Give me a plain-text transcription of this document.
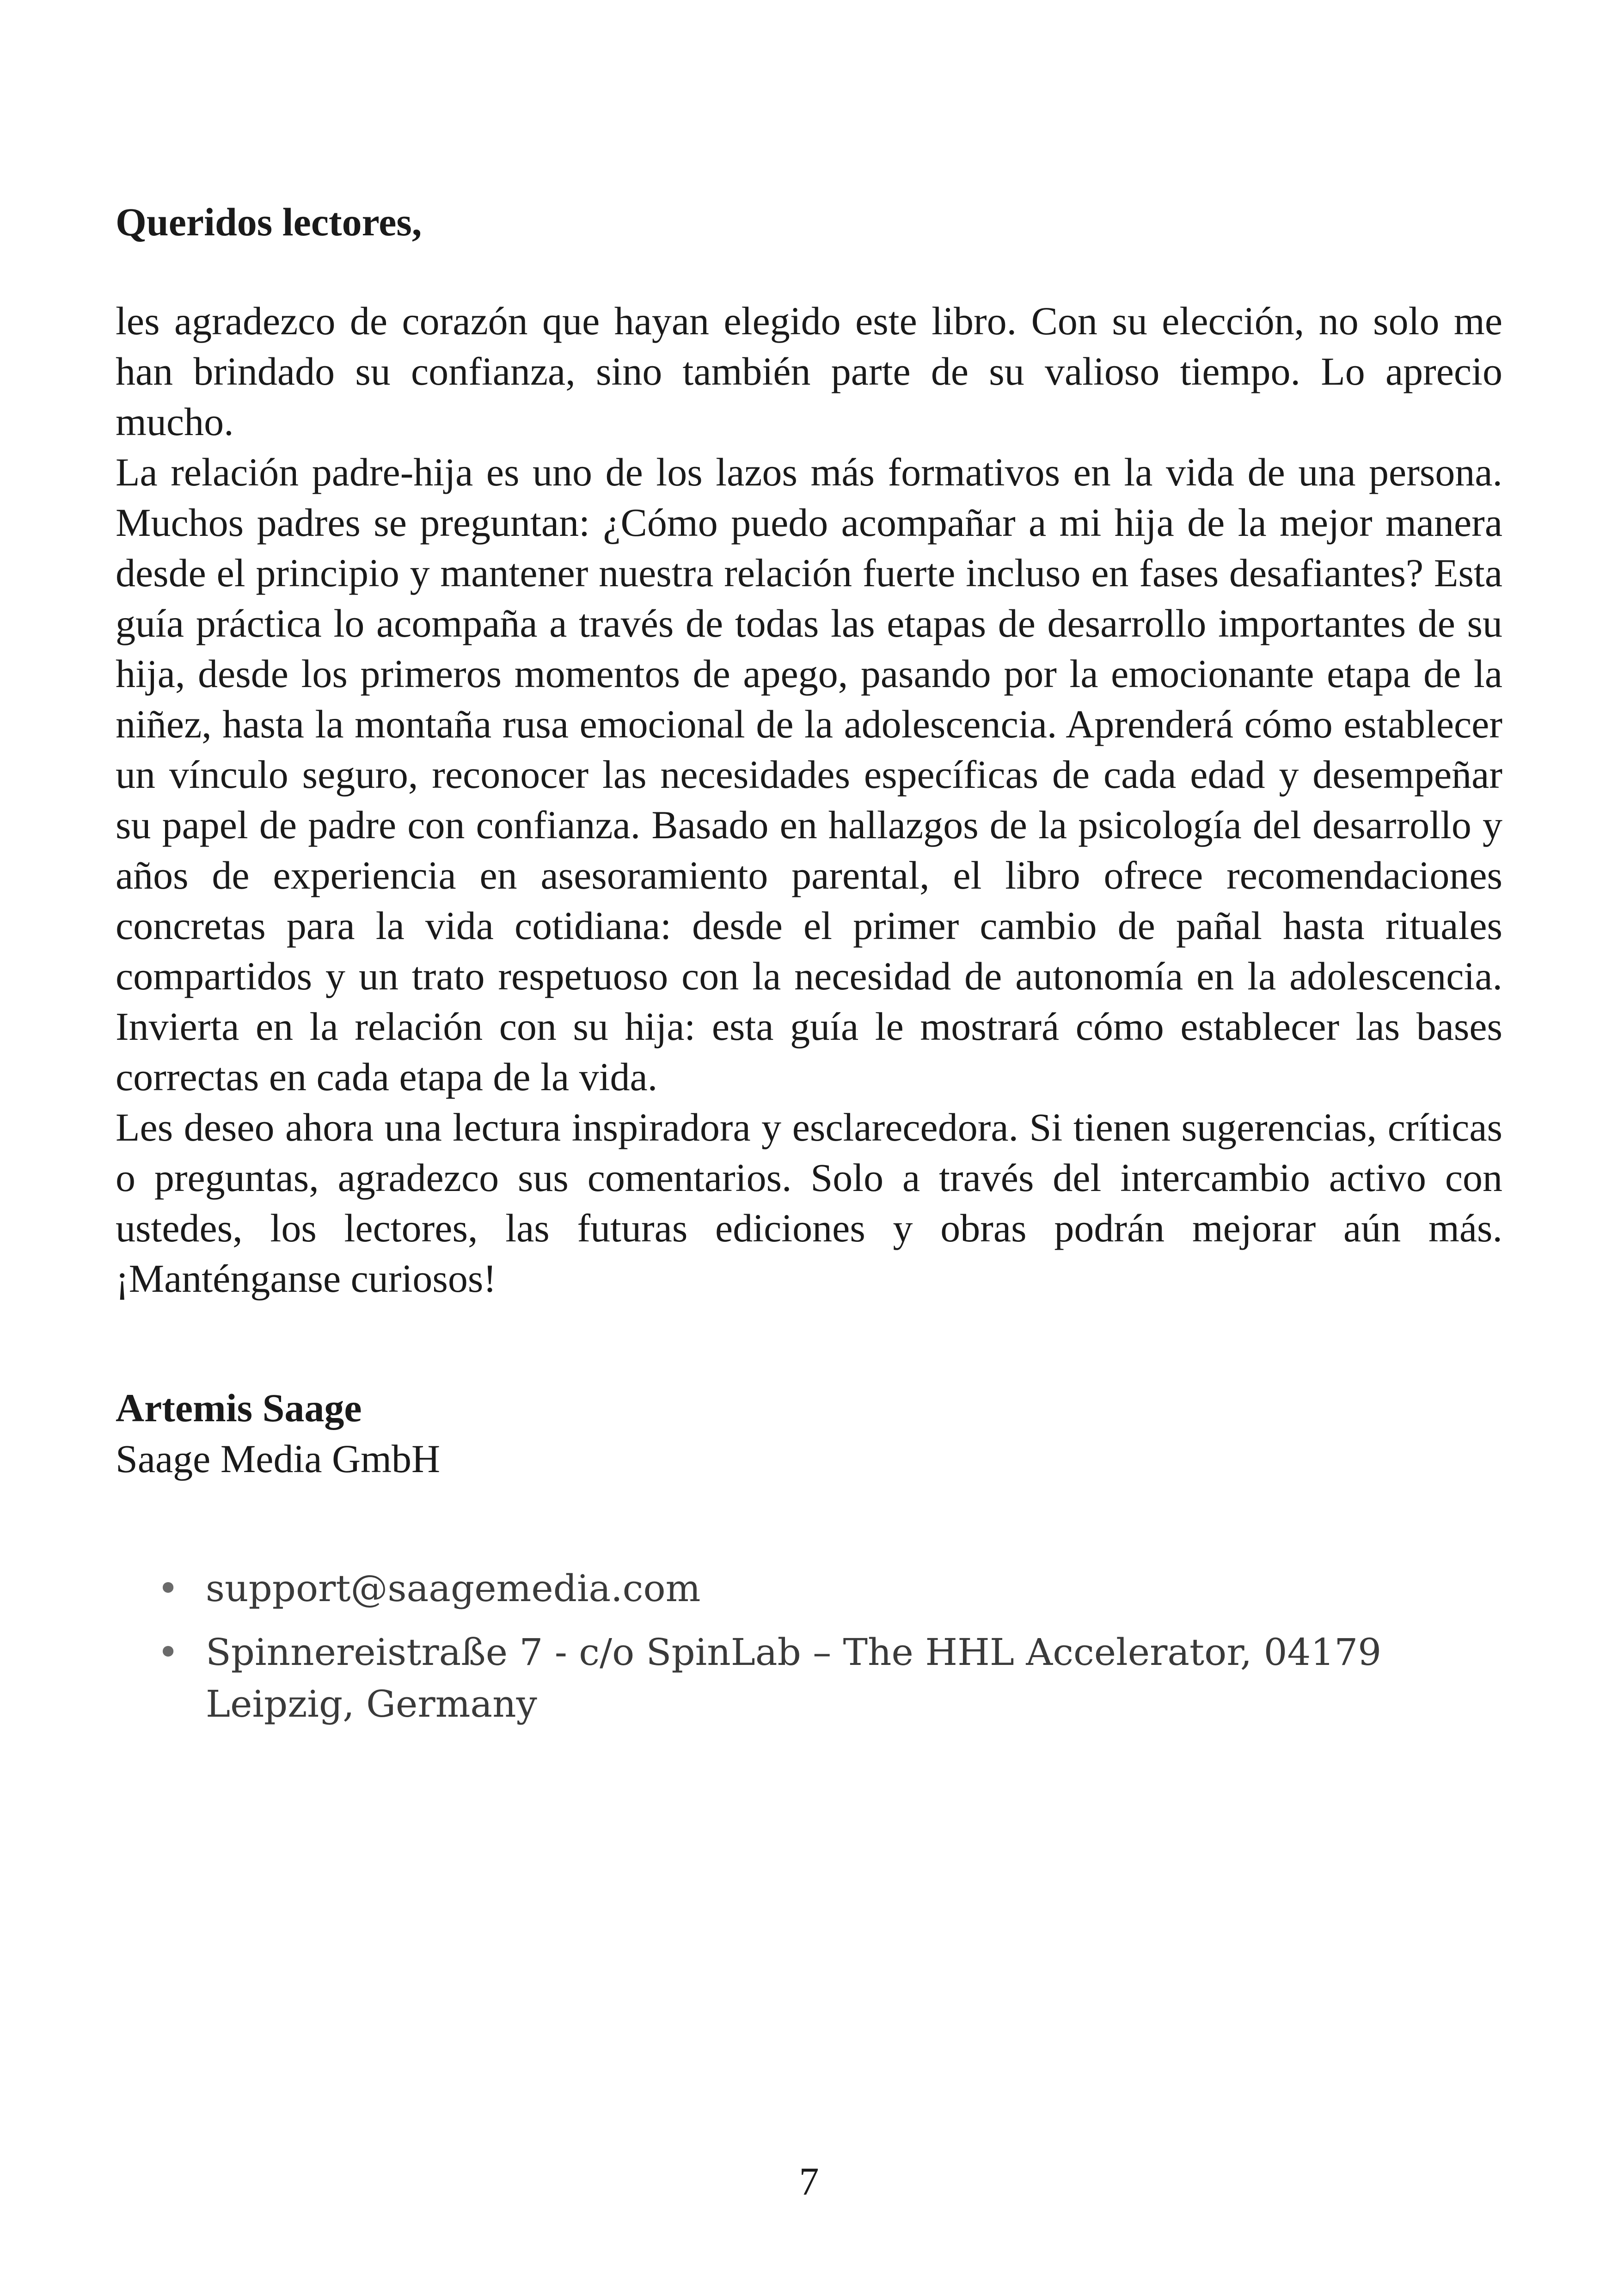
Queridos lectores,

les agradezco de corazón que hayan elegido este libro. Con su elección, no solo me han brindado su confianza, sino también parte de su valioso tiempo. Lo aprecio mucho.

La relación padre-hija es uno de los lazos más formativos en la vida de una persona. Muchos padres se preguntan: ¿Cómo puedo acompañar a mi hija de la mejor manera desde el principio y mantener nuestra relación fuerte incluso en fases desafiantes? Esta guía práctica lo acompaña a través de todas las etapas de desarrollo importantes de su hija, desde los primeros momentos de apego, pasando por la emocionante etapa de la niñez, hasta la montaña rusa emocional de la adolescencia. Aprenderá cómo establecer un vínculo seguro, reconocer las necesidades específicas de cada edad y desempeñar su papel de padre con confianza. Basado en hallazgos de la psicología del desarrollo y años de experiencia en asesoramiento parental, el libro ofrece recomendaciones concretas para la vida cotidiana: desde el primer cambio de pañal hasta rituales compartidos y un trato respetuoso con la necesidad de autonomía en la adolescencia. Invierta en la relación con su hija: esta guía le mostrará cómo establecer las bases correctas en cada etapa de la vida.

Les deseo ahora una lectura inspiradora y esclarecedora. Si tienen sugerencias, críticas o preguntas, agradezco sus comentarios. Solo a través del intercambio activo con ustedes, los lectores, las futuras ediciones y obras podrán mejorar aún más. ¡Manténganse curiosos!

Artemis Saage
Saage Media GmbH
• support@saagemedia.com
• Spinnereistraße 7 - c/o SpinLab – The HHL Accelerator, 04179
Leipzig, Germany
7
